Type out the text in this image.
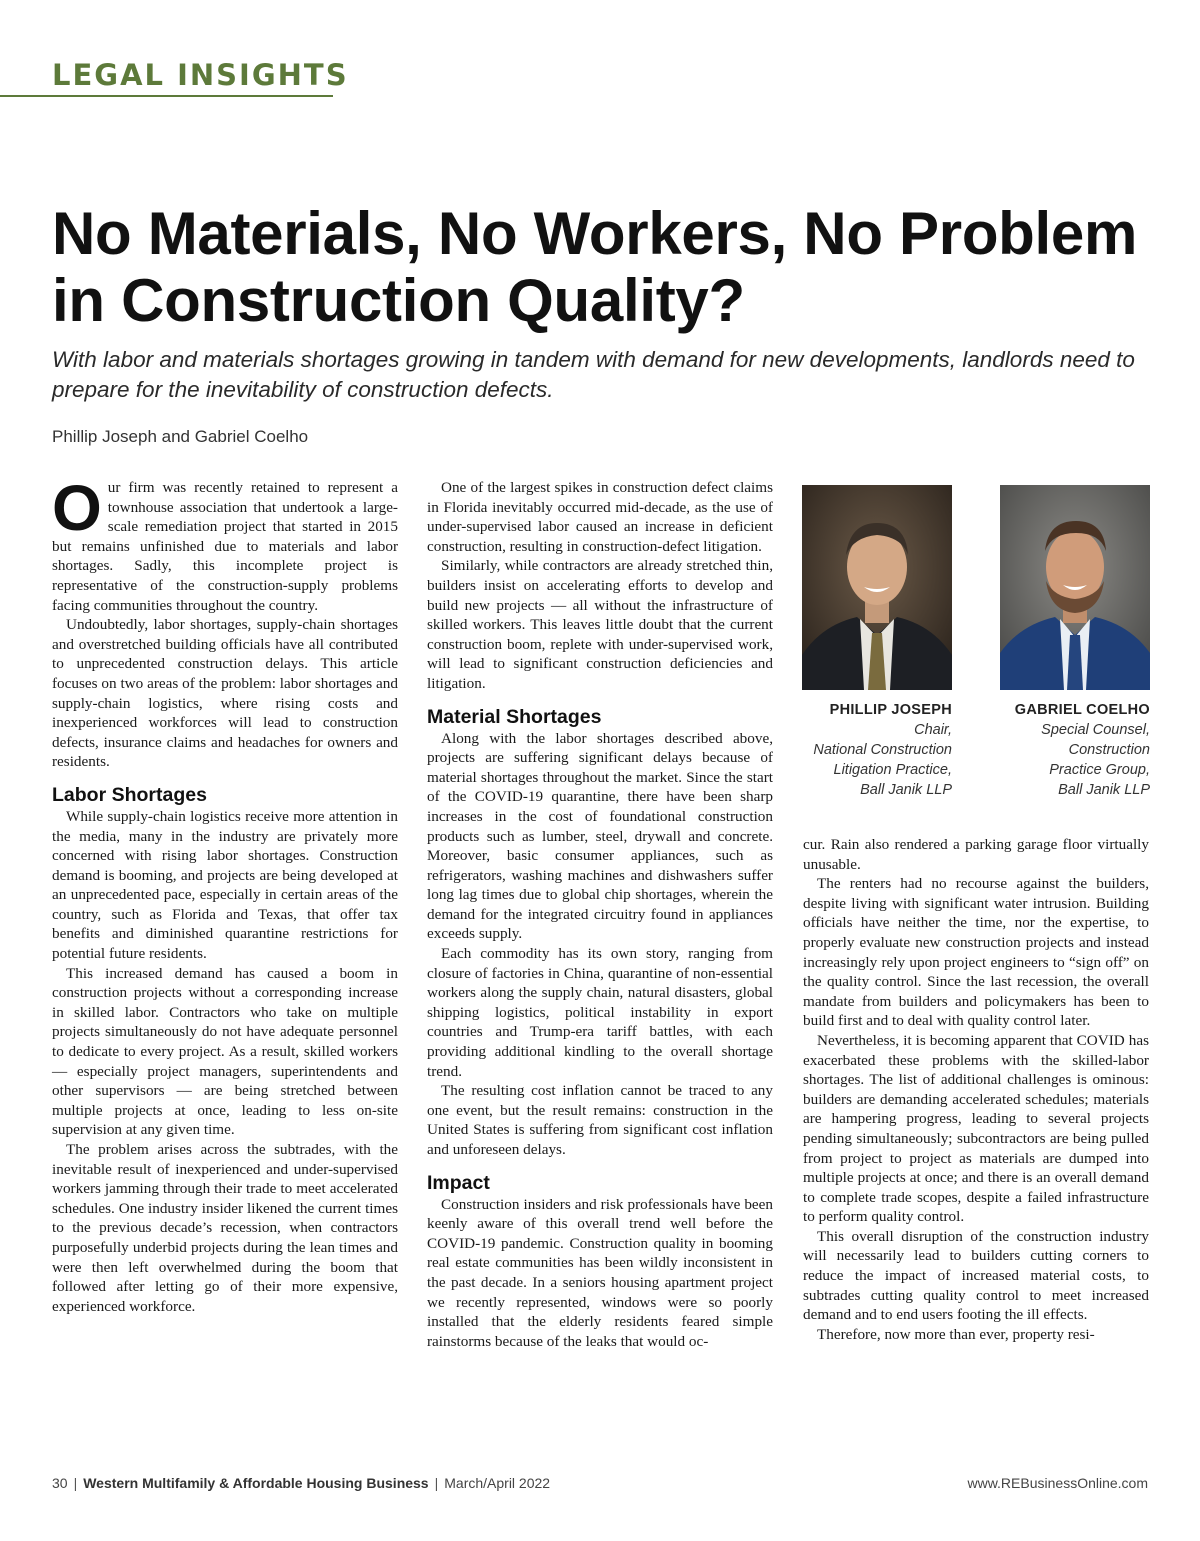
LEGAL INSIGHTS
No Materials, No Workers, No Problem in Construction Quality?

With labor and materials shortages growing in tandem with demand for new developments, landlords need to prepare for the inevitability of construction defects.

Phillip Joseph and Gabriel Coelho

Our firm was recently retained to represent a townhouse association that undertook a large-scale remediation project that started in 2015 but remains unfinished due to materials and labor shortages. Sadly, this incomplete project is representative of the construction-supply problems facing communities throughout the country.

Undoubtedly, labor shortages, supply-chain shortages and overstretched building officials have all contributed to unprecedented construction delays. This article focuses on two areas of the problem: labor shortages and supply-chain logistics, where rising costs and inexperienced workforces will lead to construction defects, insurance claims and headaches for owners and residents.

Labor Shortages

While supply-chain logistics receive more attention in the media, many in the industry are privately more concerned with rising labor shortages. Construction demand is booming, and projects are being developed at an unprecedented pace, especially in certain areas of the country, such as Florida and Texas, that offer tax benefits and diminished quarantine restrictions for potential future residents.

This increased demand has caused a boom in construction projects without a corresponding increase in skilled labor. Contractors who take on multiple projects simultaneously do not have adequate personnel to dedicate to every project. As a result, skilled workers — especially project managers, superintendents and other supervisors — are being stretched between multiple projects at once, leading to less on-site supervision at any given time.

The problem arises across the subtrades, with the inevitable result of inexperienced and under-supervised workers jamming through their trade to meet accelerated schedules. One industry insider likened the current times to the previous decade’s recession, when contractors purposefully underbid projects during the lean times and were then left overwhelmed during the boom that followed after letting go of their more expensive, experienced workforce.

One of the largest spikes in construction defect claims in Florida inevitably occurred mid-decade, as the use of under-supervised labor caused an increase in deficient construction, resulting in construction-defect litigation.

Similarly, while contractors are already stretched thin, builders insist on accelerating efforts to develop and build new projects — all without the infrastructure of skilled workers. This leaves little doubt that the current construction boom, replete with under-supervised work, will lead to significant construction deficiencies and litigation.

Material Shortages

Along with the labor shortages described above, projects are suffering significant delays because of material shortages throughout the market. Since the start of the COVID-19 quarantine, there have been sharp increases in the cost of foundational construction products such as lumber, steel, drywall and concrete. Moreover, basic consumer appliances, such as refrigerators, washing machines and dishwashers suffer long lag times due to global chip shortages, wherein the demand for the integrated circuitry found in appliances exceeds supply.

Each commodity has its own story, ranging from closure of factories in China, quarantine of non-essential workers along the supply chain, natural disasters, global shipping logistics, political instability in export countries and Trump-era tariff battles, with each providing additional kindling to the overall shortage trend.

The resulting cost inflation cannot be traced to any one event, but the result remains: construction in the United States is suffering from significant cost inflation and unforeseen delays.

Impact

Construction insiders and risk professionals have been keenly aware of this overall trend well before the COVID-19 pandemic. Construction quality in booming real estate communities has been wildly inconsistent in the past decade. In a seniors housing apartment project we recently represented, windows were so poorly installed that the elderly residents feared simple rainstorms because of the leaks that would oc-

PHILLIP JOSEPH
Chair,
National Construction
Litigation Practice,
Ball Janik LLP
GABRIEL COELHO
Special Counsel,
Construction
Practice Group,
Ball Janik LLP

cur. Rain also rendered a parking garage floor virtually unusable.

The renters had no recourse against the builders, despite living with significant water intrusion. Building officials have neither the time, nor the expertise, to properly evaluate new construction projects and instead increasingly rely upon project engineers to “sign off” on the quality control. Since the last recession, the overall mandate from builders and policymakers has been to build first and to deal with quality control later.

Nevertheless, it is becoming apparent that COVID has exacerbated these problems with the skilled-labor shortages. The list of additional challenges is ominous: builders are demanding accelerated schedules; materials are hampering progress, leading to several projects pending simultaneously; subcontractors are being pulled from project to project as materials are dumped into multiple projects at once; and there is an overall demand to complete trade scopes, despite a failed infrastructure to perform quality control.

This overall disruption of the construction industry will necessarily lead to builders cutting corners to reduce the impact of increased material costs, to subtrades cutting quality control to meet increased demand and to end users footing the ill effects.

Therefore, now more than ever, property resi-

30 | Western Multifamily & Affordable Housing Business | March/April 2022	www.REBusinessOnline.com
